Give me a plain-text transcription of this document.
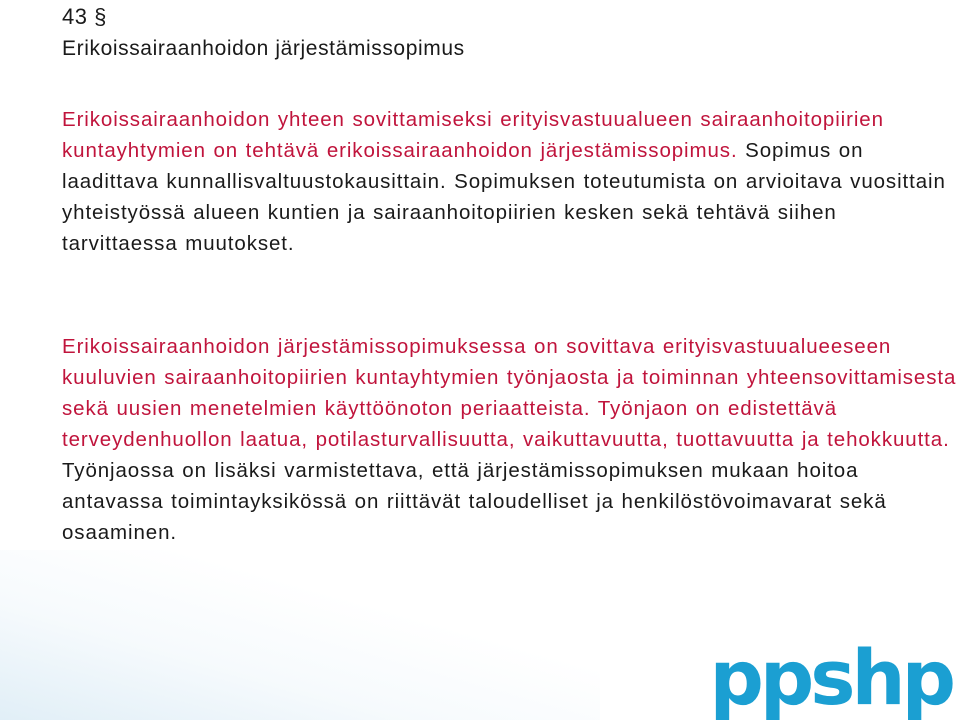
43 §
Erikoissairaanhoidon järjestämissopimus

Erikoissairaanhoidon yhteen sovittamiseksi erityisvastuualueen sairaanhoitopiirien kuntayhtymien on tehtävä erikoissairaanhoidon järjestämissopimus. Sopimus on laadittava kunnallisvaltuustokausittain. Sopimuksen toteutumista on arvioitava vuosittain yhteistyössä alueen kuntien ja sairaanhoitopiirien kesken sekä tehtävä siihen tarvittaessa muutokset.

Erikoissairaanhoidon järjestämissopimuksessa on sovittava erityisvastuualueeseen kuuluvien sairaanhoitopiirien kuntayhtymien työnjaosta ja toiminnan yhteensovittamisesta sekä uusien menetelmien käyttöönoton periaatteista. Työnjaon on edistettävä terveydenhuollon laatua, potilasturvallisuutta, vaikuttavuutta, tuottavuutta ja tehokkuutta. Työnjaossa on lisäksi varmistettava, että järjestämissopimuksen mukaan hoitoa antavassa toimintayksikössä on riittävät taloudelliset ja henkilöstövoimavarat sekä osaaminen.

ppshp
